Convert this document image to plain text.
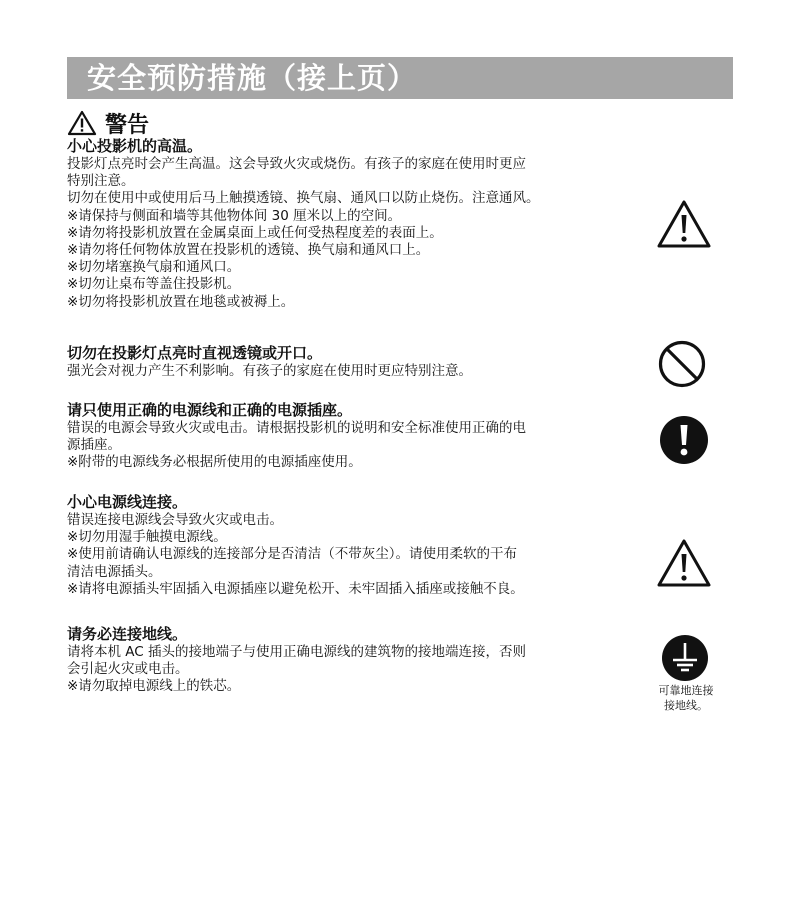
安全预防措施（接上页）
警告
小心投影机的高温。
投影灯点亮时会产生高温。这会导致火灾或烧伤。有孩子的家庭在使用时更应
特别注意。
切勿在使用中或使用后马上触摸透镜、换气扇、通风口以防止烧伤。注意通风。
※请保持与侧面和墙等其他物体间 30 厘米以上的空间。
※请勿将投影机放置在金属桌面上或任何受热程度差的表面上。
※请勿将任何物体放置在投影机的透镜、换气扇和通风口上。
※切勿堵塞换气扇和通风口。
※切勿让桌布等盖住投影机。
※切勿将投影机放置在地毯或被褥上。
切勿在投影灯点亮时直视透镜或开口。
强光会对视力产生不利影响。有孩子的家庭在使用时更应特别注意。
请只使用正确的电源线和正确的电源插座。
错误的电源会导致火灾或电击。请根据投影机的说明和安全标准使用正确的电
源插座。
※附带的电源线务必根据所使用的电源插座使用。
小心电源线连接。
错误连接电源线会导致火灾或电击。
※切勿用湿手触摸电源线。
※使用前请确认电源线的连接部分是否清洁（不带灰尘）。请使用柔软的干布
清洁电源插头。
※请将电源插头牢固插入电源插座以避免松开、未牢固插入插座或接触不良。
请务必连接地线。
请将本机 AC 插头的接地端子与使用正确电源线的建筑物的接地端连接，否则
会引起火灾或电击。
※请勿取掉电源线上的铁芯。	可靠地连接
接地线。
